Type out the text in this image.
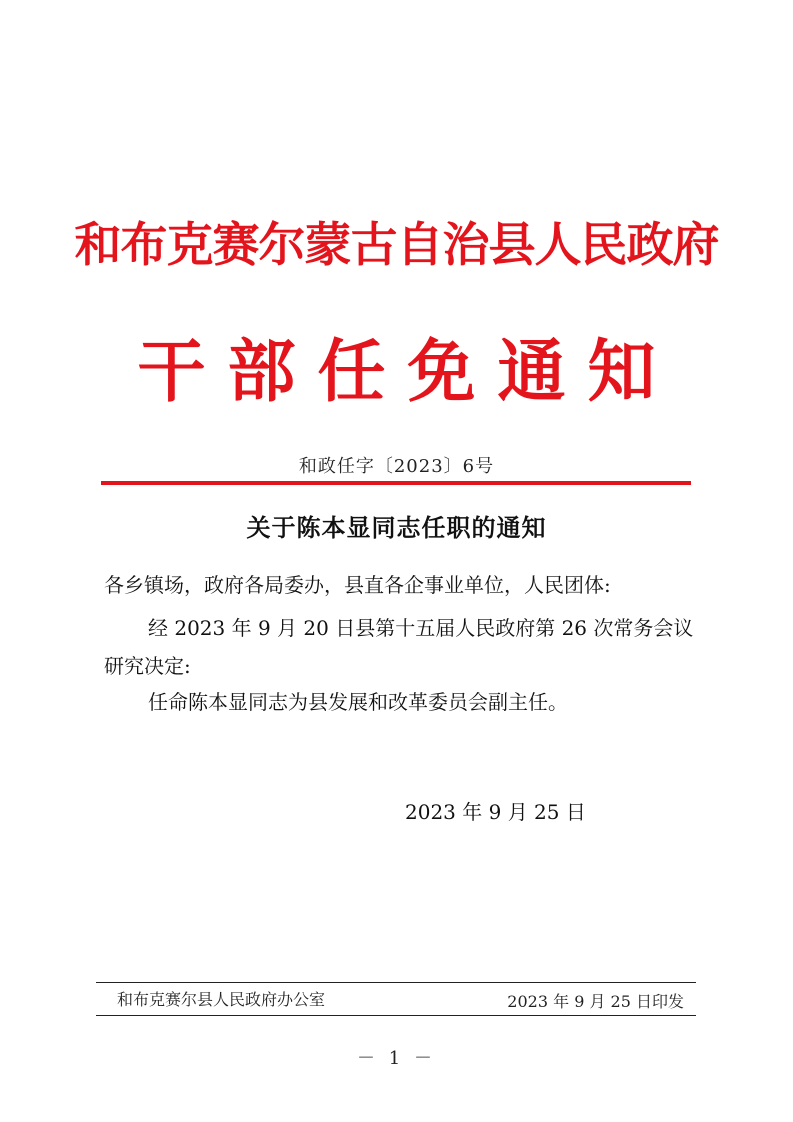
和布克赛尔蒙古自治县人民政府
干部任免通知
和政任字〔2023〕6号
关于陈本显同志任职的通知
各乡镇场，政府各局委办，县直各企事业单位，人民团体:
经 2023 年 9 月 20 日县第十五届人民政府第 26 次常务会议研究决定:
任命陈本显同志为县发展和改革委员会副主任。
2023 年 9 月 25 日
和布克赛尔县人民政府办公室	2023 年 9 月 25 日印发
－ 1 －
